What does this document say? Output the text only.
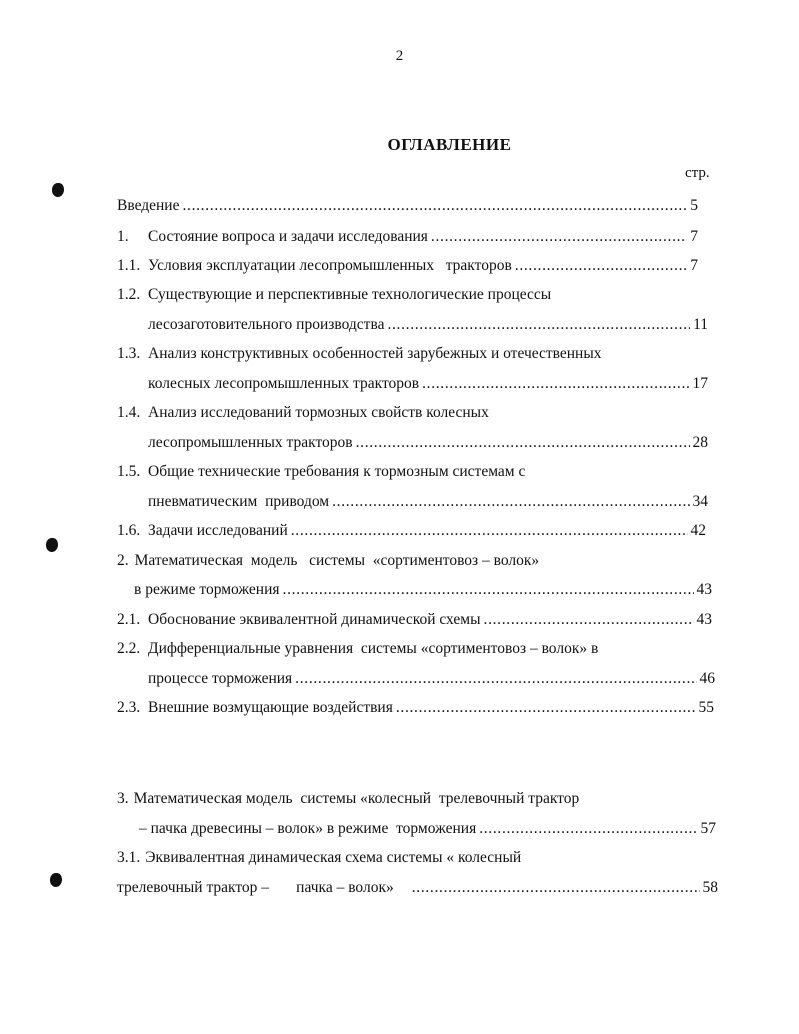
2
ОГЛАВЛЕНИЕ
стр.
Введение . . .	5
1.	Состояние вопроса и задачи исследования . . .	7
1.1. Условия эксплуатации лесопромышленных   тракторов . . .	7
1.2. Существующие и перспективные технологические процессы
лесозаготовительного производства . . .	11
1.3. Анализ конструктивных особенностей зарубежных и отечественных
колесных лесопромышленных тракторов . . .	17
1.4. Анализ исследований тормозных свойств колесных
лесопромышленных тракторов . . .	28
1.5. Общие технические требования к тормозным системам с
пневматическим  приводом . . .	34
1.6. Задачи исследований . . .	42
2. Математическая  модель   системы  «сортиментовоз – волок»
в режиме торможения . . .	43
2.1. Обоснование эквивалентной динамической схемы . . .	43
2.2. Дифференциальные уравнения  системы «сортиментовоз – волок» в
процессе торможения . . .	46
2.3. Внешние возмущающие воздействия . . .	55
3. Математическая модель  системы «колесный  трелевочный трактор
– пачка древесины – волок» в режиме  торможения . . .	57
3.1. Эквивалентная динамическая схема системы « колесный
трелевочный трактор –       пачка – волок» . . .	58
